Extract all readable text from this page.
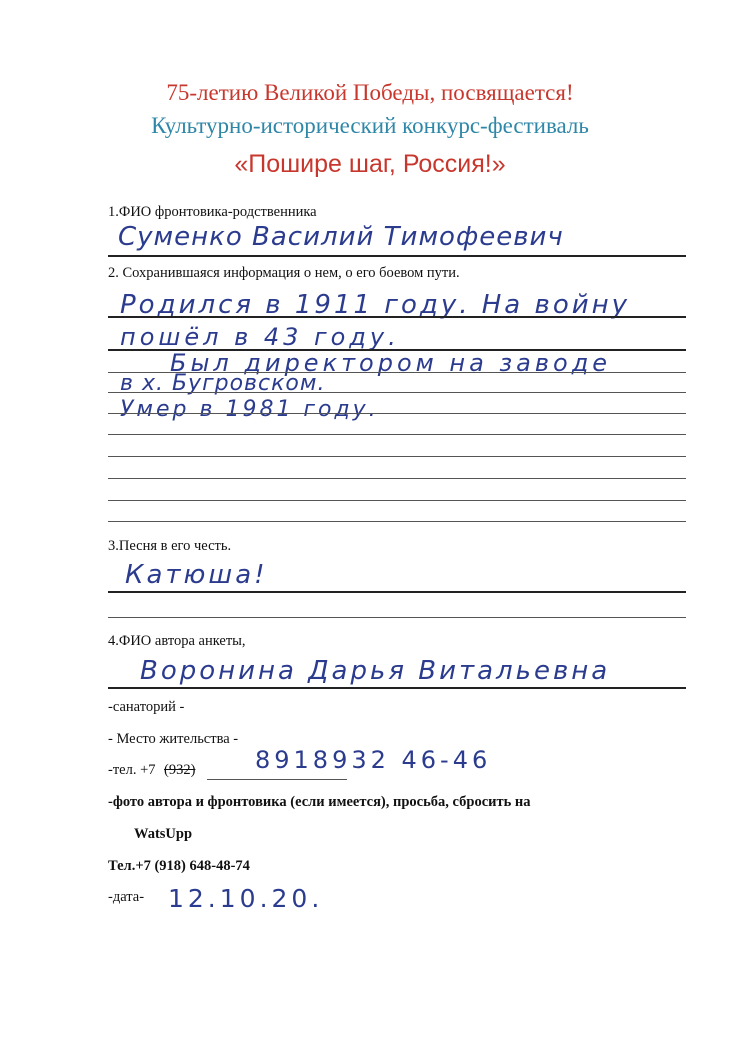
75-летию Великой Победы, посвящается!
Культурно-исторический конкурс-фестиваль
«Пошире шаг, Россия!»
1.ФИО фронтовика-родственника
Суменко Василий Тимофеевич
2. Сохранившаяся информация о нем, о его боевом пути.
Родился в 1911 году. На войну
пошёл в 43 году.
Был директором на заводе
в х. Бугровском.
Умер в 1981 году.
3.Песня в его честь.
Катюша!
4.ФИО автора анкеты,
Воронина Дарья Витальевна
-санаторий -
- Место жительства -
-тел. +7 (932) 8918932 46-46
-фото автора и фронтовика (если имеется), просьба, сбросить на
WatsUpp
Тел.+7 (918) 648-48-74
-дата- 12.10.20.
